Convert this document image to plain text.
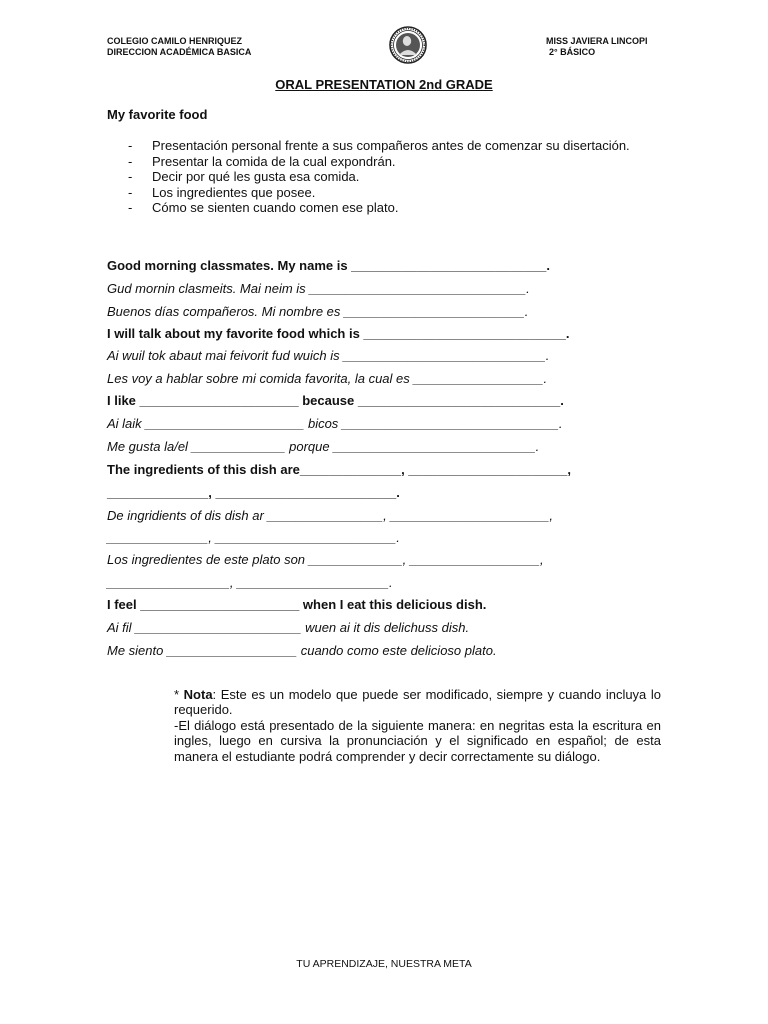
COLEGIO CAMILO HENRIQUEZ
DIRECCION ACADÉMICA BASICA
MISS JAVIERA LINCOPI
2° BÁSICO
ORAL PRESENTATION 2nd GRADE
My favorite food
-	Presentación personal frente a sus compañeros antes de comenzar su disertación.
-	Presentar la comida de la cual expondrán.
-	Decir por qué les gusta esa comida.
-	Los ingredientes que posee.
-	Cómo se sienten cuando comen ese plato.
Good morning classmates. My name is ___________________________.
Gud mornin clasmeits. Mai neim is ______________________________.
Buenos días compañeros. Mi nombre es _________________________.
I will talk about my favorite food which is ____________________________.
Ai wuil tok abaut mai feivorit fud wuich is ____________________________.
Les voy a hablar sobre mi comida favorita, la cual es __________________.
I like ______________________ because ____________________________.
Ai laik ______________________ bicos ______________________________.
Me gusta la/el _____________ porque ____________________________.
The ingredients of this dish are______________, ______________________,
______________, _________________________.
De ingridients of dis dish ar ________________, ______________________,
______________, _________________________.
Los ingredientes de este plato son _____________, __________________,
_________________, _____________________.
I feel ______________________ when I eat this delicious dish.
Ai fil _______________________ wuen ai it dis delichuss dish.
Me siento __________________ cuando como este delicioso plato.
* Nota: Este es un modelo que puede ser modificado, siempre y cuando incluya lo requerido.
-El diálogo está presentado de la siguiente manera: en negritas esta la escritura en ingles, luego en cursiva la pronunciación y el significado en español; de esta manera el estudiante podrá comprender y decir correctamente su diálogo.
TU APRENDIZAJE, NUESTRA META
